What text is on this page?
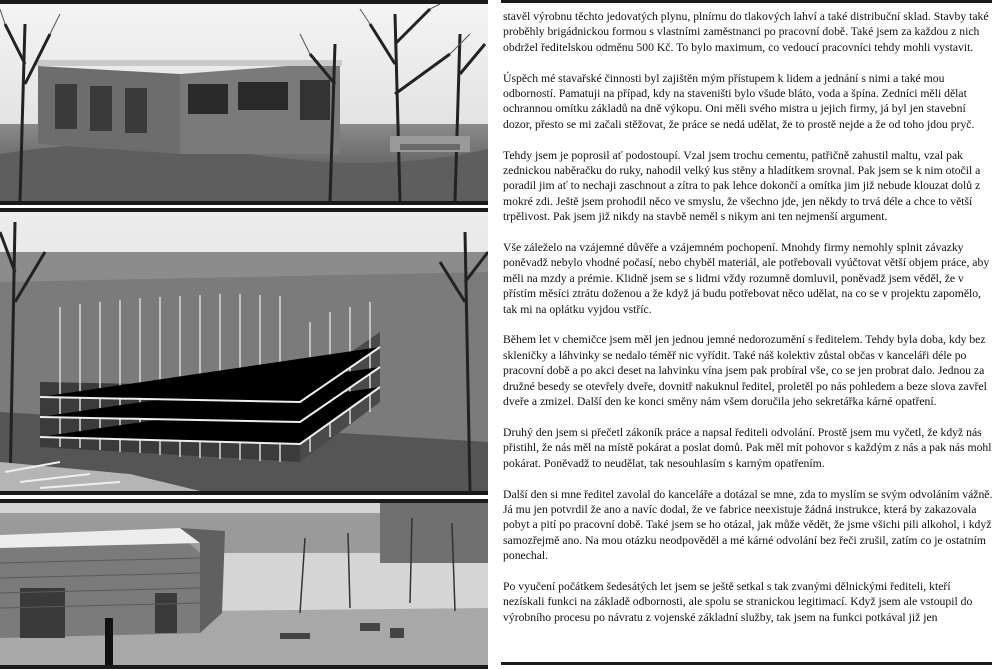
stavěl výrobnu těchto jedovatých plynu, plnírnu do tlakových lahví a také distribuční sklad. Stavby také proběhly brigádnickou formou s vlastními zaměstnanci po pracovní době. Také jsem za každou z nich obdržel ředitelskou odměnu 500 Kč. To bylo maximum, co vedoucí pracovníci tehdy mohli vystavit.

Úspěch mé stavařské činnosti byl zajištěn mým přístupem k lidem a jednání s nimi a také mou odborností. Pamatuji na případ, kdy na staveništi bylo všude bláto, voda a špína. Zedníci měli dělat ochrannou omítku základů na dně výkopu. Oni měli svého mistra u jejich firmy, já byl jen stavební dozor, přesto se mi začali stěžovat, že práce se nedá udělat, že to prostě nejde a že od toho jdou pryč.

Tehdy jsem je poprosil ať podostoupí. Vzal jsem trochu cementu, patřičně zahustil maltu, vzal pak zednickou naběračku do ruky, nahodil velký kus stěny a hladítkem srovnal. Pak jsem se k nim otočil a poradil jim ať to nechaji zaschnout a zítra to pak lehce dokončí a omítka jim již nebude klouzat dolů z mokré zdi. Ještě jsem prohodil něco ve smyslu, že všechno jde, jen někdy to trvá déle a chce to větší trpělivost. Pak jsem již nikdy na stavbě neměl s nikym ani ten nejmenší argument.

Vše záleželo na vzájemné důvěře a vzájemném pochopení. Mnohdy firmy nemohly splnit závazky poněvadž nebylo vhodné počasí, nebo chyběl materiál, ale potřebovali vyúčtovat větší objem práce, aby měli na mzdy a prémie. Klidně jsem se s lidmi vždy rozumně domluvil, poněvadž jsem věděl, že v přístím měsíci ztrátu doženou a že když já budu potřebovat něco udělat, na co se v projektu zapomělo, tak mi na oplátku vyjdou vstříc.

Během let v chemičce jsem měl jen jednou jemné nedorozumění s ředitelem. Tehdy byla doba, kdy bez skleničky a láhvinky se nedalo téměř nic vyřídit. Také náš kolektiv zůstal občas v kanceláři déle po pracovní době a po akci deset na lahvinku vína jsem pak probíral vše, co se jen probrat dalo. Jednou za družné besedy se otevřely dveře, dovnitř nakuknul ředitel, proletěl po nás pohledem a beze slova zavřel dveře a zmizel. Další den ke konci směny nám všem doručila jeho sekretářka kárné opatření.

Druhý den jsem si přečetl zákoník práce a napsal řediteli odvolání. Prostě jsem mu vyčetl, že když nás přistihl, že nás měl na místě pokárat a poslat domů. Pak měl mít pohovor s každým z nás a pak nás mohl pokárat. Poněvadž to neudělat, tak nesouhlasím s karným opatřením.

Další den si mne ředitel zavolal do kanceláře a dotázal se mne, zda to myslím se svým odvoláním vážně. Já mu jen potvrdil že ano a navíc dodal, že ve fabrice neexistuje žádná instrukce, která by zakazovala pobyt a pití po pracovní době. Také jsem se ho otázal, jak může vědět, že jsme všichi pili alkohol, i když samozřejmě ano. Na mou otázku neodpověděl a mé kárné odvolání bez řeči zrušil, zatím co je ostatním ponechal.

Po vyučení počátkem šedesátých let jsem se ještě setkal s tak zvanými dělnickými řediteli, kteří nezískali funkci na základě odbornosti, ale spolu se stranickou legitimací. Když jsem ale vstoupil do výrobního procesu po návratu z vojenské základní služby, tak jsem na funkci potkával již jen
